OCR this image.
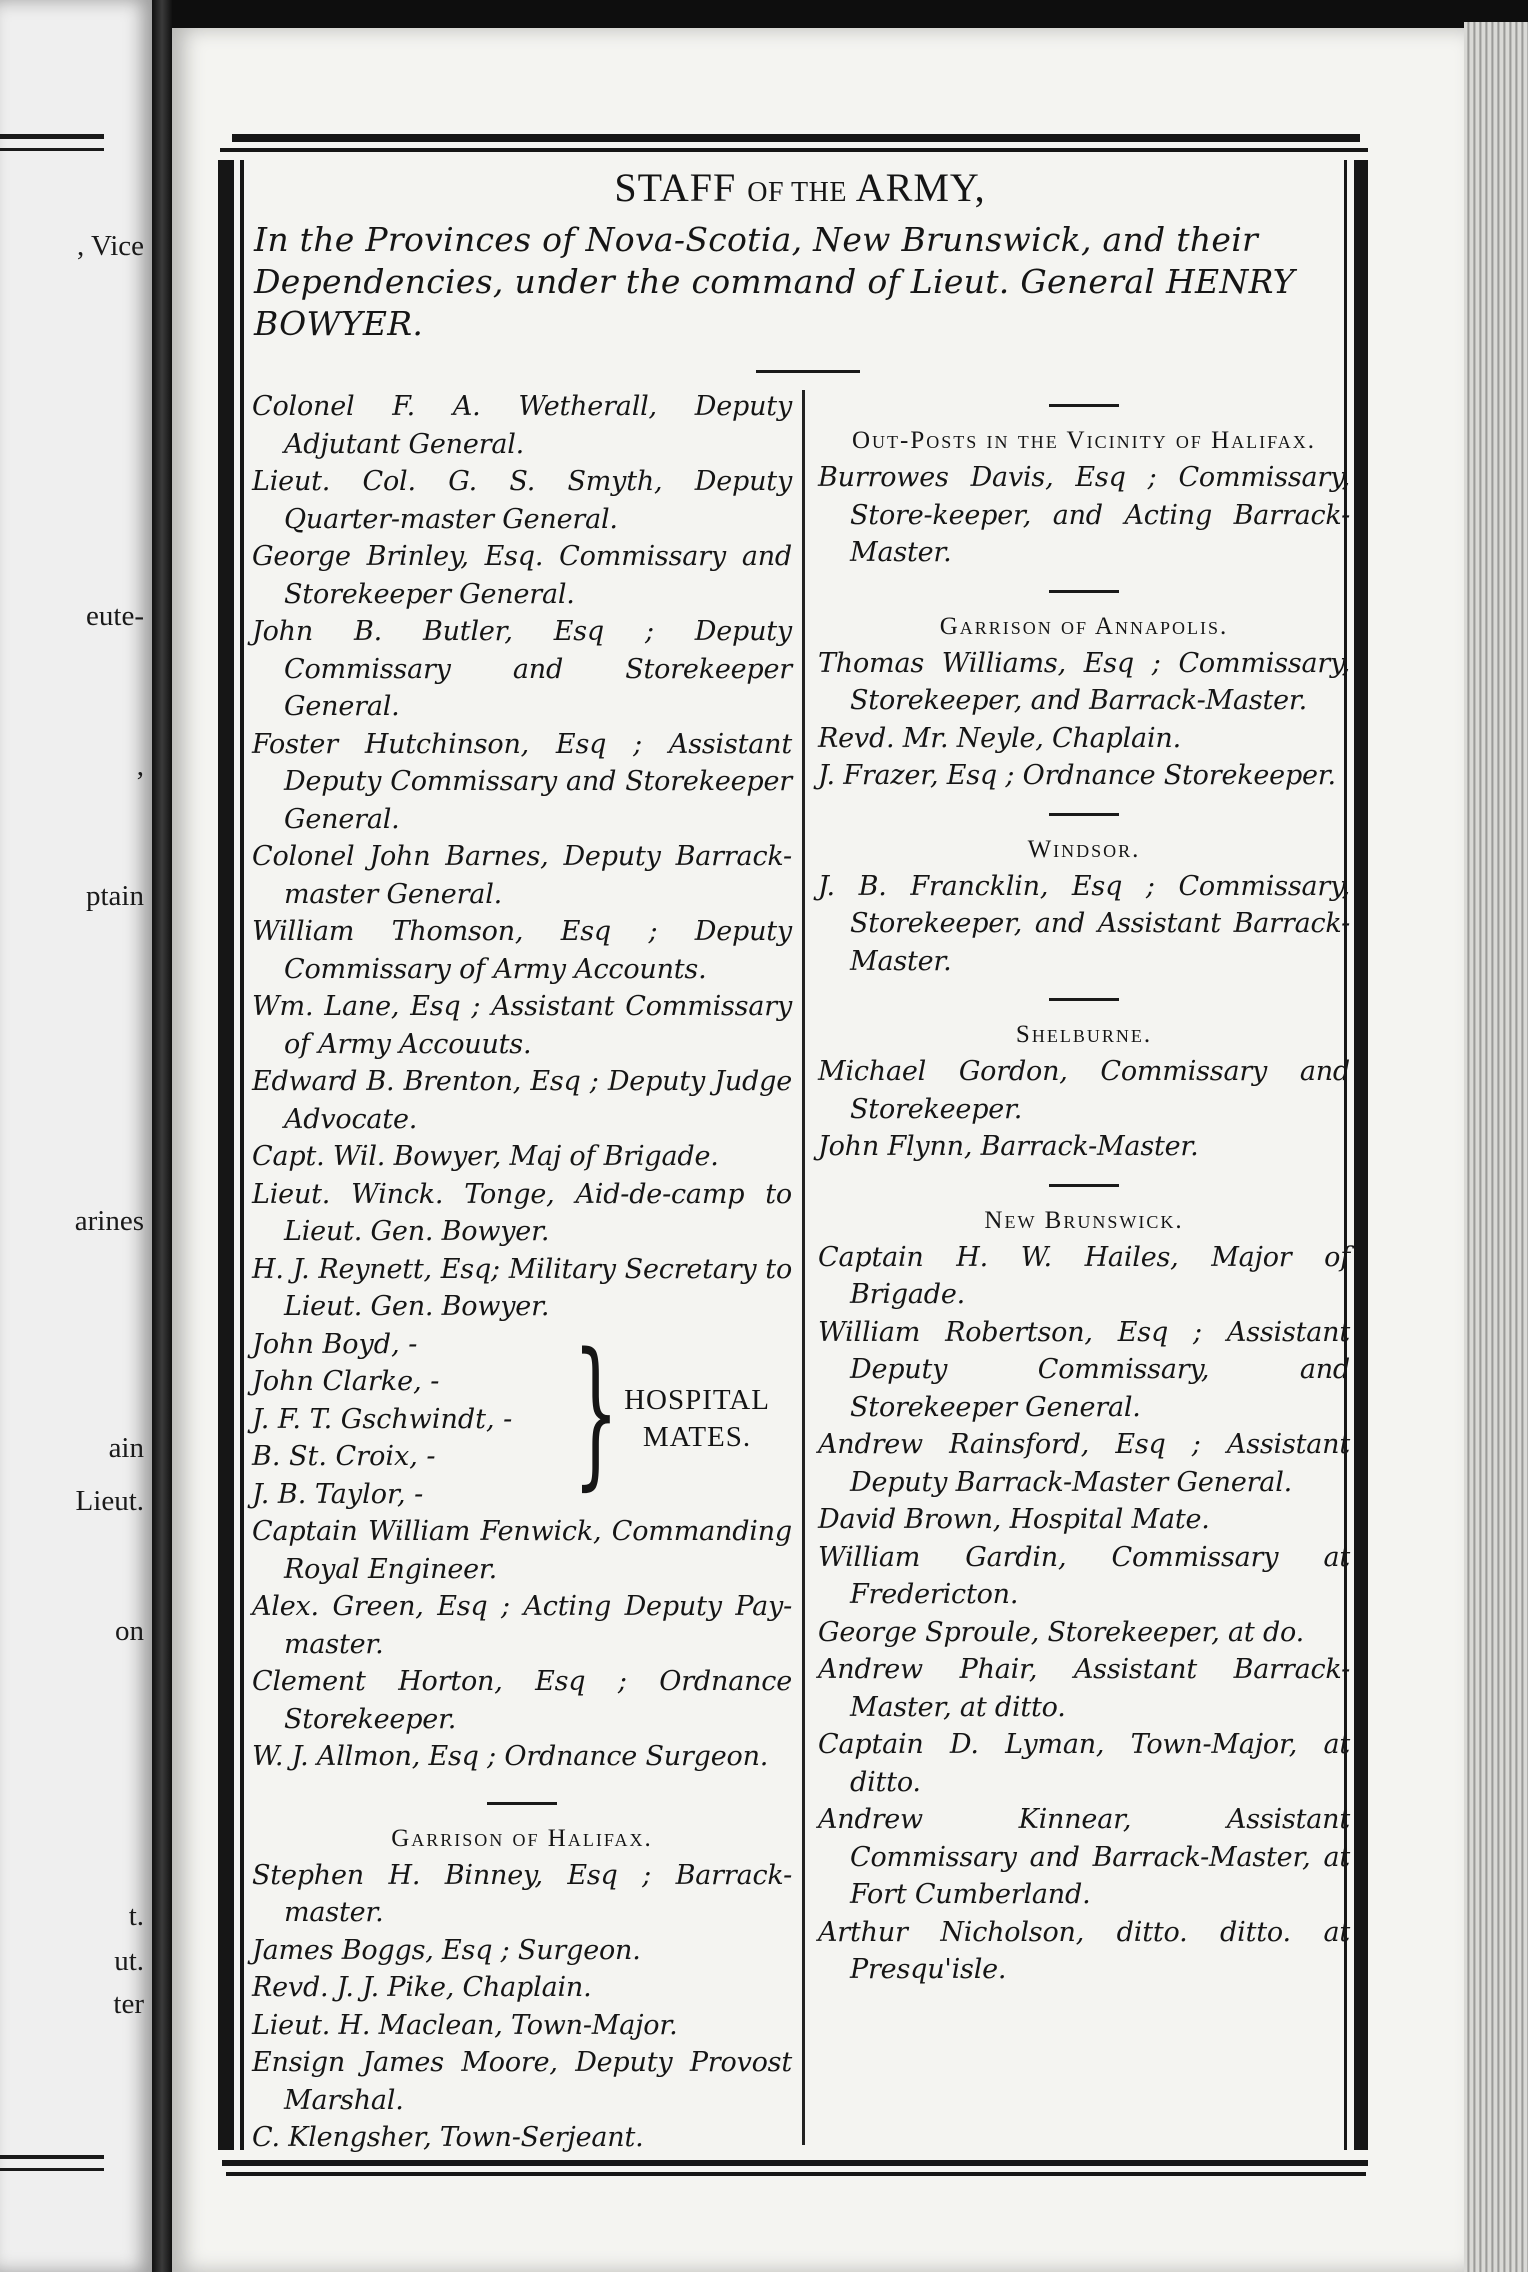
, Vice
eute-
,
ptain
arines
ain
Lieut.
on
t.
ut.
ter

STAFF OF THE ARMY,

In the Provinces of Nova-Scotia, New Brunswick, and their Dependencies, under the command of Lieut. General HENRY BOWYER.

Colonel F. A. Wetherall, Deputy Adjutant General.
Lieut. Col. G. S. Smyth, Deputy Quarter-master General.
George Brinley, Esq. Commissary and Storekeeper General.
John B. Butler, Esq ; Deputy Commissary and Storekeeper General.
Foster Hutchinson, Esq ; Assistant Deputy Commissary and Storekeeper General.
Colonel John Barnes, Deputy Barrack-master General.
William Thomson, Esq ; Deputy Commissary of Army Accounts.
Wm. Lane, Esq ; Assistant Commissary of Army Accouuts.
Edward B. Brenton, Esq ; Deputy Judge Advocate.
Capt. Wil. Bowyer, Maj of Brigade.
Lieut. Winck. Tonge, Aid-de-camp to Lieut. Gen. Bowyer.
H. J. Reynett, Esq; Military Secretary to Lieut. Gen. Bowyer.
John Boyd, -
John Clarke, -
J. F. T. Gschwindt, -
B. St. Croix, -
J. B. Taylor, - } HOSPITAL
MATES.
Captain William Fenwick, Commanding Royal Engineer.
Alex. Green, Esq ; Acting Deputy Pay-master.
Clement Horton, Esq ; Ordnance Storekeeper.
W. J. Allmon, Esq ; Ordnance Surgeon.
Garrison of Halifax.
Stephen H. Binney, Esq ; Barrack-master.
James Boggs, Esq ; Surgeon.
Revd. J. J. Pike, Chaplain.
Lieut. H. Maclean, Town-Major.
Ensign James Moore, Deputy Provost Marshal.
C. Klengsher, Town-Serjeant.
Out-Posts in the Vicinity of Halifax.
Burrowes Davis, Esq ; Commissary, Store-keeper, and Acting Barrack-Master.
Garrison of Annapolis.
Thomas Williams, Esq ; Commissary, Storekeeper, and Barrack-Master.
Revd. Mr. Neyle, Chaplain.
J. Frazer, Esq ; Ordnance Storekeeper.
Windsor.
J. B. Francklin, Esq ; Commissary, Storekeeper, and Assistant Barrack-Master.
Shelburne.
Michael Gordon, Commissary and Storekeeper.
John Flynn, Barrack-Master.
New Brunswick.
Captain H. W. Hailes, Major of Brigade.
William Robertson, Esq ; Assistant Deputy Commissary, and Storekeeper General.
Andrew Rainsford, Esq ; Assistant Deputy Barrack-Master General.
David Brown, Hospital Mate.
William Gardin, Commissary at Fredericton.
George Sproule, Storekeeper, at do.
Andrew Phair, Assistant Barrack-Master, at ditto.
Captain D. Lyman, Town-Major, at ditto.
Andrew Kinnear, Assistant Commissary and Barrack-Master, at Fort Cumberland.
Arthur Nicholson, ditto. ditto. at Presqu'isle.
